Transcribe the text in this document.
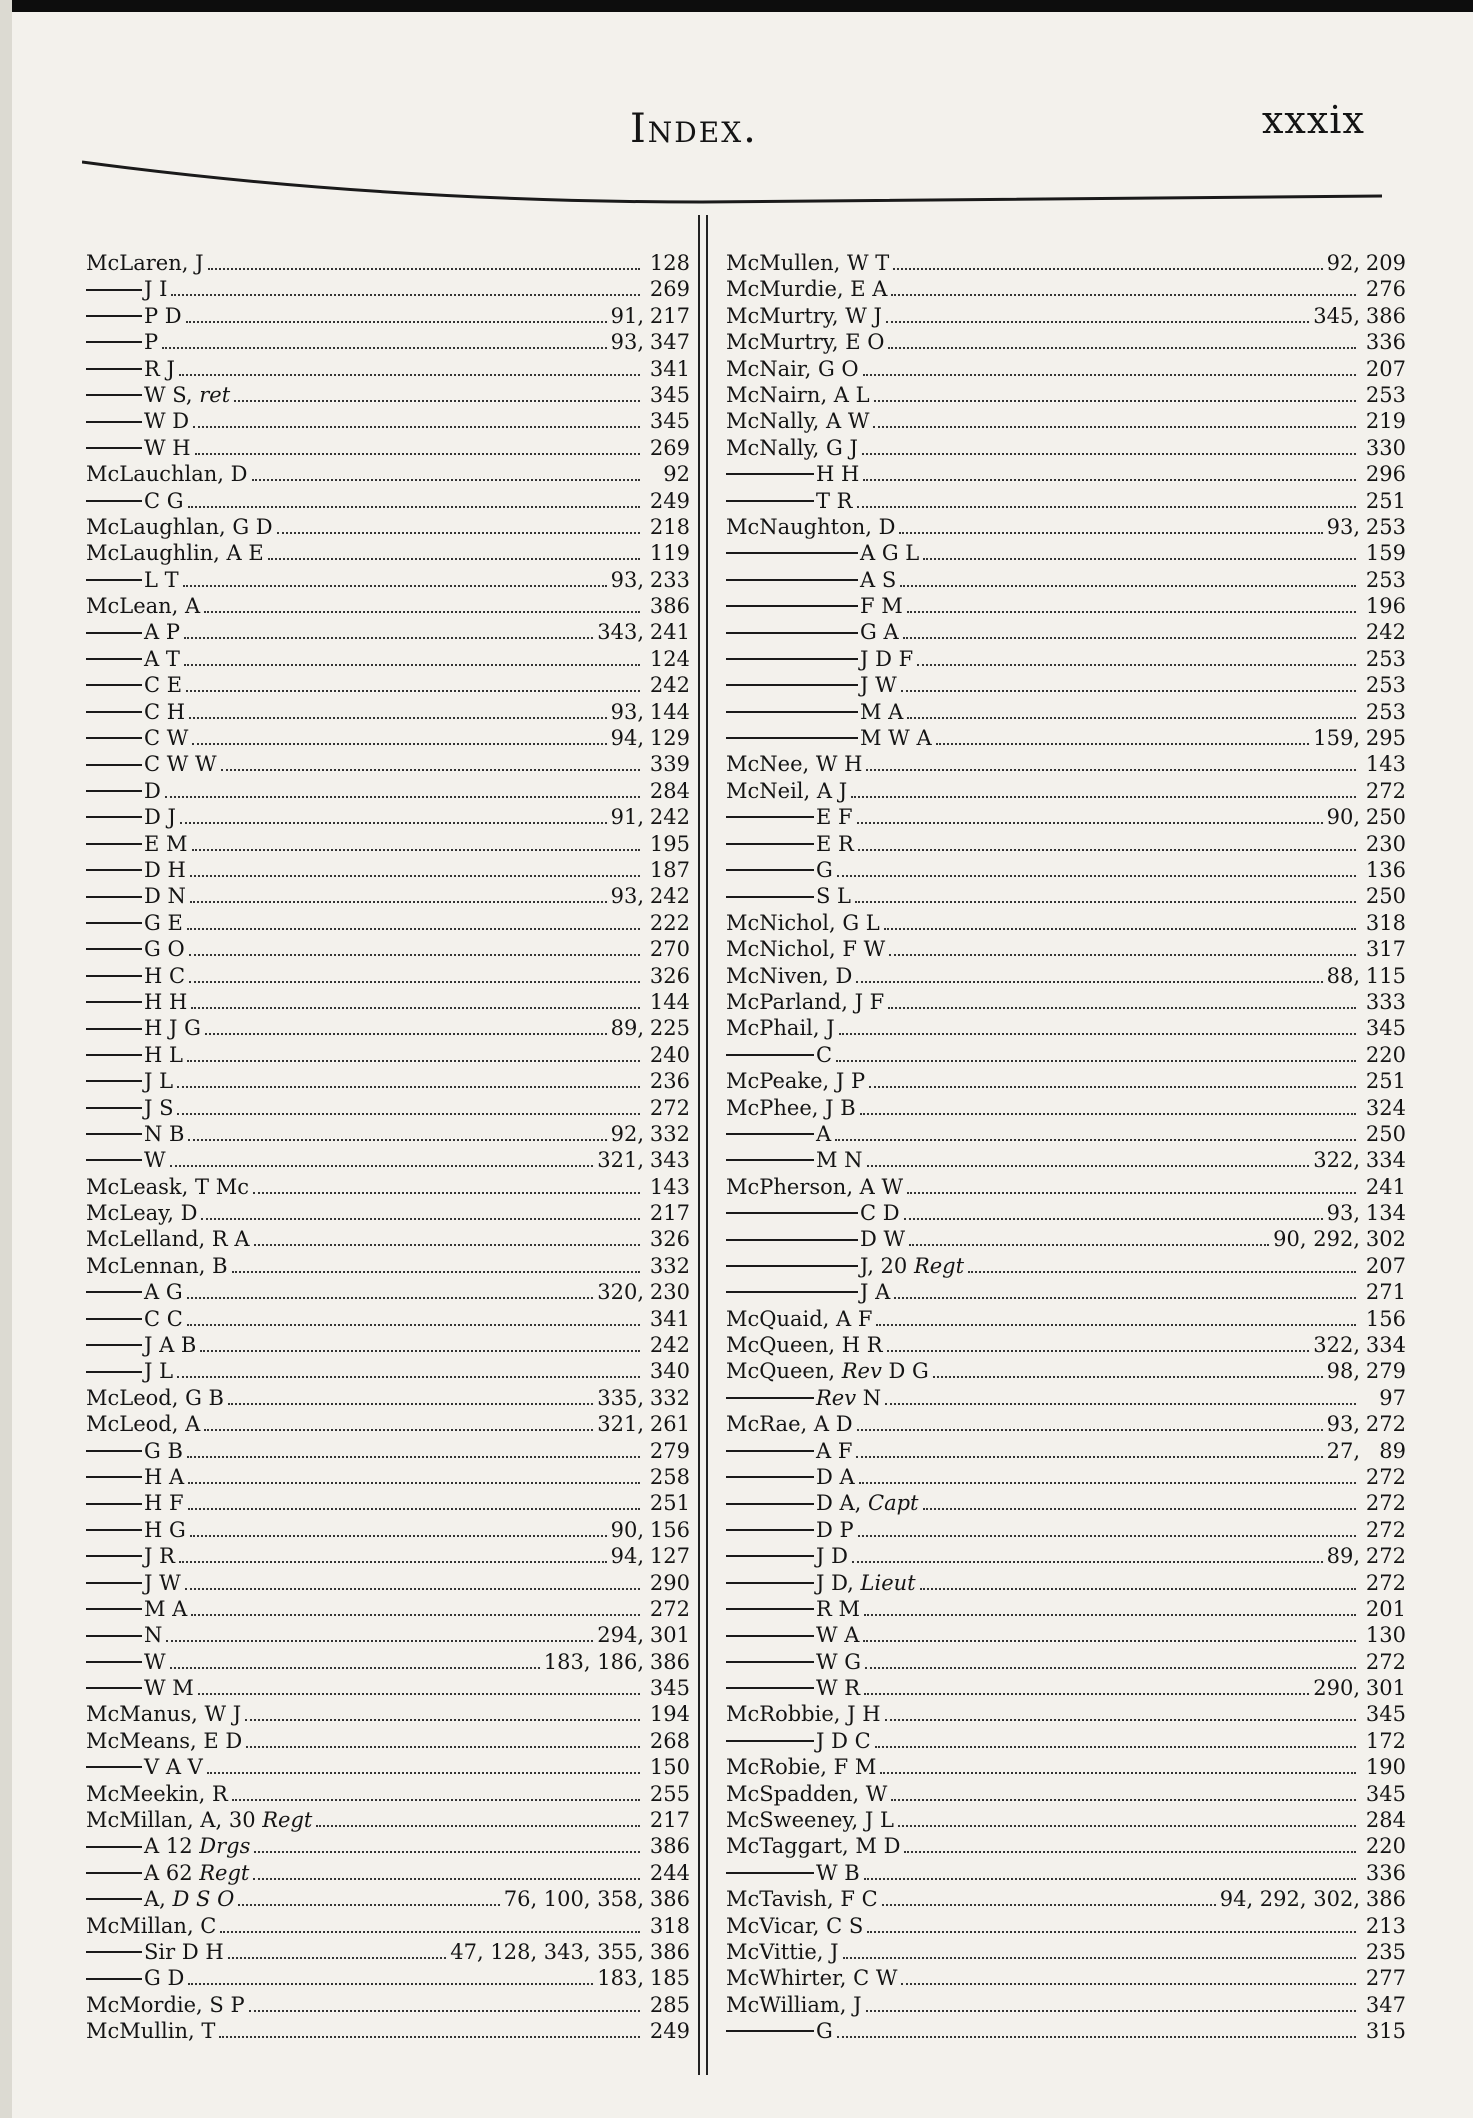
Index.	xxxix
McLaren, J	128
J I	269
P D	91, 217
P	93, 347
R J	341
W S, ret	345
W D	345
W H	269
McLauchlan, D	92
C G	249
McLaughlan, G D	218
McLaughlin, A E	119
L T	93, 233
McLean, A	386
A P	343, 241
A T	124
C E	242
C H	93, 144
C W	94, 129
C W W	339
D	284
D J	91, 242
E M	195
D H	187
D N	93, 242
G E	222
G O	270
H C	326
H H	144
H J G	89, 225
H L	240
J L	236
J S	272
N B	92, 332
W	321, 343
McLeask, T Mc	143
McLeay, D	217
McLelland, R A	326
McLennan, B	332
A G	320, 230
C C	341
J A B	242
J L	340
McLeod, G B	335, 332
McLeod, A	321, 261
G B	279
H A	258
H F	251
H G	90, 156
J R	94, 127
J W	290
M A	272
N	294, 301
W	183, 186, 386
W M	345
McManus, W J	194
McMeans, E D	268
V A V	150
McMeekin, R	255
McMillan, A, 30 Regt	217
A 12 Drgs	386
A 62 Regt	244
A, D S O	76, 100, 358, 386
McMillan, C	318
Sir D H	47, 128, 343, 355, 386
G D	183, 185
McMordie, S P	285
McMullin, T	249
McMullen, W T	92, 209
McMurdie, E A	276
McMurtry, W J	345, 386
McMurtry, E O	336
McNair, G O	207
McNairn, A L	253
McNally, A W	219
McNally, G J	330
H H	296
T R	251
McNaughton, D	93, 253
A G L	159
A S	253
F M	196
G A	242
J D F	253
J W	253
M A	253
M W A	159, 295
McNee, W H	143
McNeil, A J	272
E F	90, 250
E R	230
G	136
S L	250
McNichol, G L	318
McNichol, F W	317
McNiven, D	88, 115
McParland, J F	333
McPhail, J	345
C	220
McPeake, J P	251
McPhee, J B	324
A	250
M N	322, 334
McPherson, A W	241
C D	93, 134
D W	90, 292, 302
J, 20 Regt	207
J A	271
McQuaid, A F	156
McQueen, H R	322, 334
McQueen, Rev D G	98, 279
Rev N	97
McRae, A D	93, 272
A F	27, 89
D A	272
D A, Capt	272
D P	272
J D	89, 272
J D, Lieut	272
R M	201
W A	130
W G	272
W R	290, 301
McRobbie, J H	345
J D C	172
McRobie, F M	190
McSpadden, W	345
McSweeney, J L	284
McTaggart, M D	220
W B	336
McTavish, F C	94, 292, 302, 386
McVicar, C S	213
McVittie, J	235
McWhirter, C W	277
McWilliam, J	347
G	315
